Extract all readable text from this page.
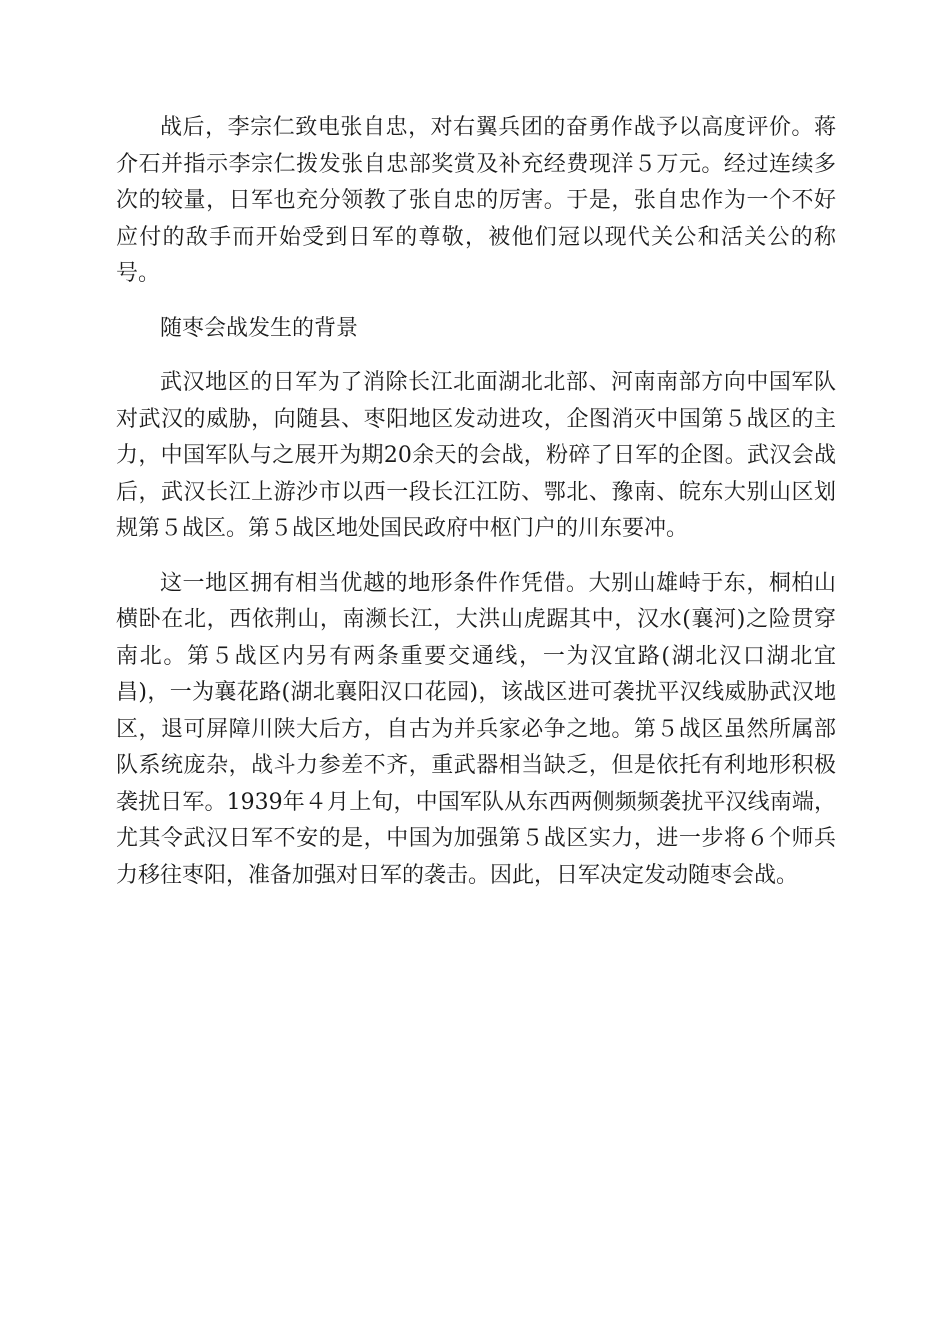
战后，李宗仁致电张自忠，对右翼兵团的奋勇作战予以高度评价。蒋介石并指示李宗仁拨发张自忠部奖赏及补充经费现洋５万元。经过连续多次的较量，日军也充分领教了张自忠的厉害。于是，张自忠作为一个不好应付的敌手而开始受到日军的尊敬，被他们冠以现代关公和活关公的称号。

随枣会战发生的背景

武汉地区的日军为了消除长江北面湖北北部、河南南部方向中国军队对武汉的威胁，向随县、枣阳地区发动进攻，企图消灭中国第５战区的主力，中国军队与之展开为期20余天的会战，粉碎了日军的企图。武汉会战后，武汉长江上游沙市以西一段长江江防、鄂北、豫南、皖东大别山区划规第５战区。第５战区地处国民政府中枢门户的川东要冲。

这一地区拥有相当优越的地形条件作凭借。大别山雄峙于东，桐柏山横卧在北，西依荆山，南濒长江，大洪山虎踞其中，汉水(襄河)之险贯穿南北。第５战区内另有两条重要交通线，一为汉宜路(湖北汉口湖北宜昌)，一为襄花路(湖北襄阳汉口花园)，该战区进可袭扰平汉线威胁武汉地区，退可屏障川陕大后方，自古为并兵家必争之地。第５战区虽然所属部队系统庞杂，战斗力参差不齐，重武器相当缺乏，但是依托有利地形积极袭扰日军。1939年４月上旬，中国军队从东西两侧频频袭扰平汉线南端，尤其令武汉日军不安的是，中国为加强第５战区实力，进一步将６个师兵力移往枣阳，准备加强对日军的袭击。因此，日军决定发动随枣会战。
